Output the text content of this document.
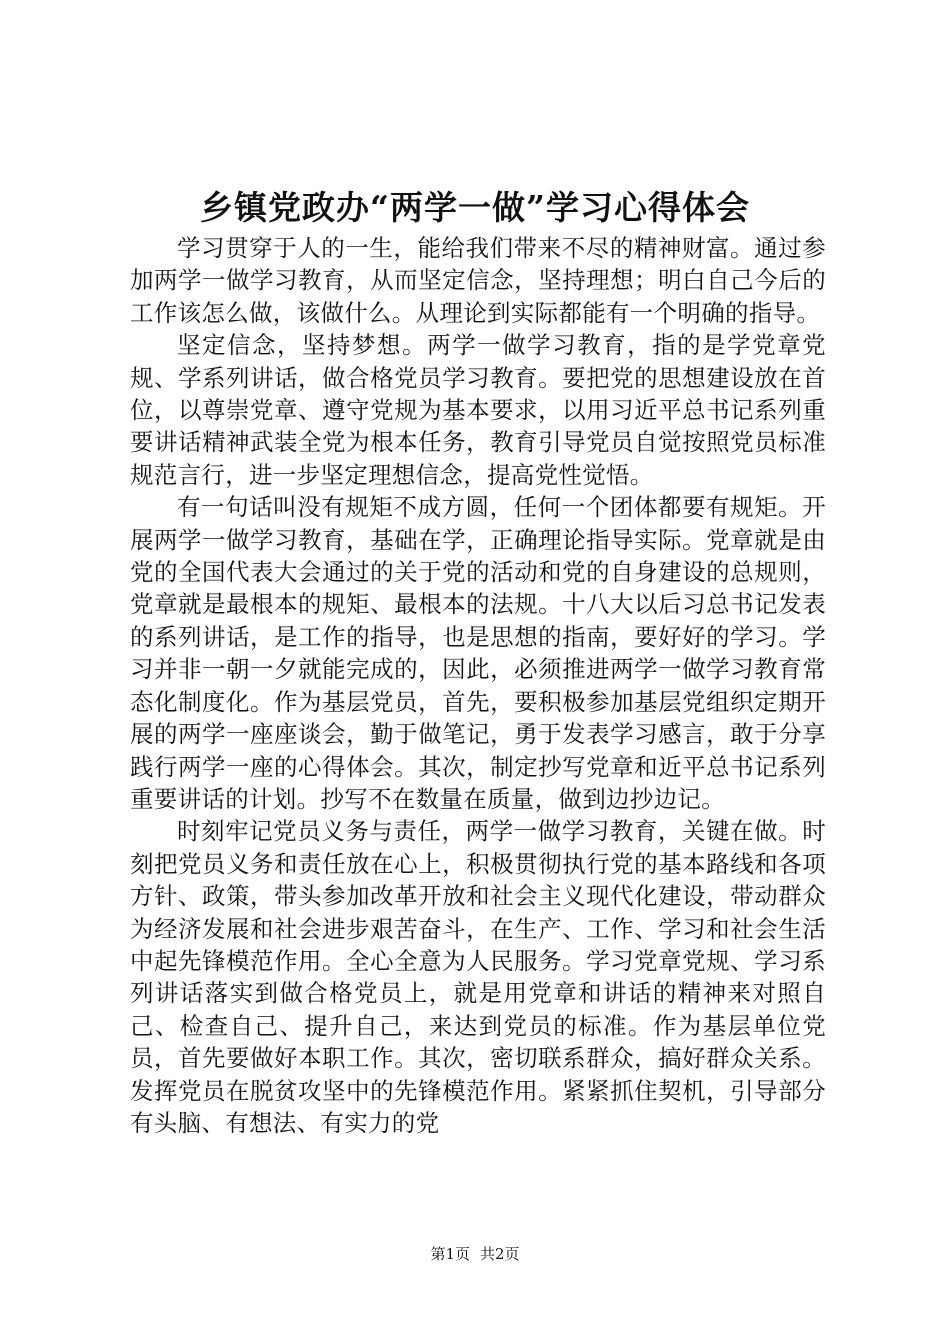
乡镇党政办“两学一做”学习心得体会

学习贯穿于人的一生，能给我们带来不尽的精神财富。通过参加两学一做学习教育，从而坚定信念，坚持理想；明白自己今后的工作该怎么做，该做什么。从理论到实际都能有一个明确的指导。

坚定信念，坚持梦想。两学一做学习教育，指的是学党章党规、学系列讲话，做合格党员学习教育。要把党的思想建设放在首位，以尊崇党章、遵守党规为基本要求，以用习近平总书记系列重要讲话精神武装全党为根本任务，教育引导党员自觉按照党员标准规范言行，进一步坚定理想信念，提高党性觉悟。

有一句话叫没有规矩不成方圆，任何一个团体都要有规矩。开展两学一做学习教育，基础在学，正确理论指导实际。党章就是由党的全国代表大会通过的关于党的活动和党的自身建设的总规则，党章就是最根本的规矩、最根本的法规。十八大以后习总书记发表的系列讲话，是工作的指导，也是思想的指南，要好好的学习。学习并非一朝一夕就能完成的，因此，必须推进两学一做学习教育常态化制度化。作为基层党员，首先，要积极参加基层党组织定期开展的两学一座座谈会，勤于做笔记，勇于发表学习感言，敢于分享践行两学一座的心得体会。其次，制定抄写党章和近平总书记系列重要讲话的计划。抄写不在数量在质量，做到边抄边记。

时刻牢记党员义务与责任，两学一做学习教育，关键在做。时刻把党员义务和责任放在心上，积极贯彻执行党的基本路线和各项方针、政策，带头参加改革开放和社会主义现代化建设，带动群众为经济发展和社会进步艰苦奋斗，在生产、工作、学习和社会生活中起先锋模范作用。全心全意为人民服务。学习党章党规、学习系列讲话落实到做合格党员上，就是用党章和讲话的精神来对照自己、检查自己、提升自己，来达到党员的标准。作为基层单位党员，首先要做好本职工作。其次，密切联系群众，搞好群众关系。发挥党员在脱贫攻坚中的先锋模范作用。紧紧抓住契机，引导部分有头脑、有想法、有实力的党

第1页 共2页
